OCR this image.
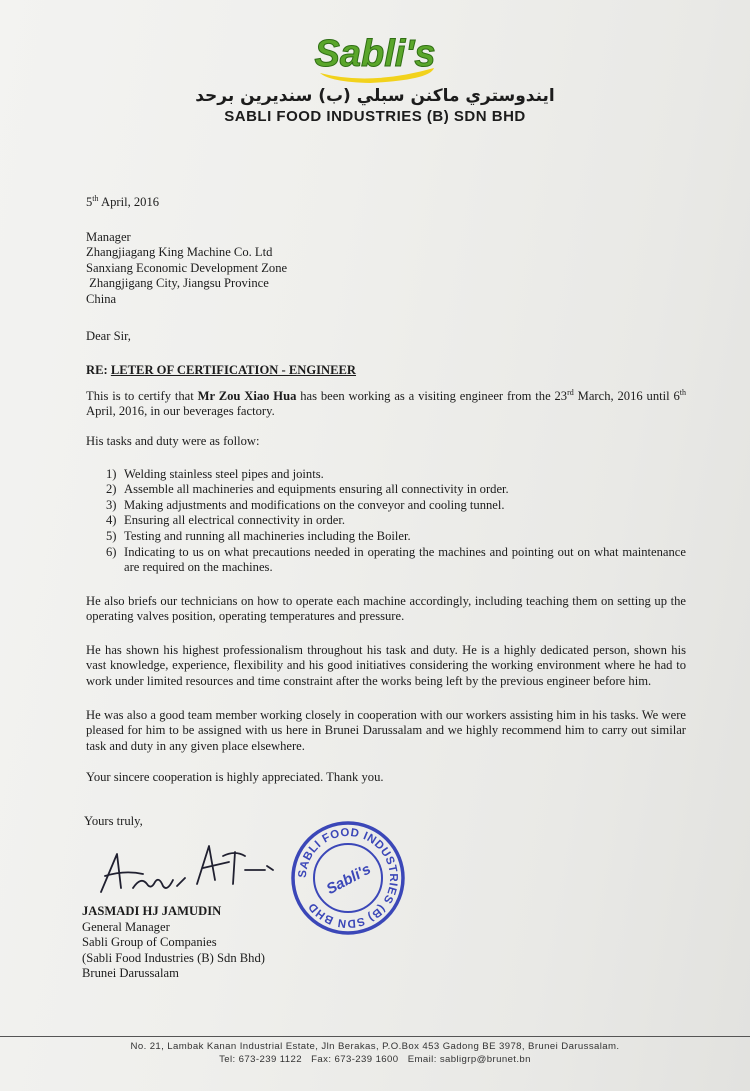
Sabli's
ايندوستري ماكنن سبلي (ب) سنديرين برحد
SABLI FOOD INDUSTRIES (B) SDN BHD
5th April, 2016
Manager
Zhangjiagang King Machine Co. Ltd
Sanxiang Economic Development Zone
Zhangjigang City, Jiangsu Province
China
Dear Sir,
RE: LETER OF CERTIFICATION - ENGINEER
This is to certify that Mr Zou Xiao Hua has been working as a visiting engineer from the 23rd March, 2016 until 6th April, 2016, in our beverages factory.
His tasks and duty were as follow:
1) Welding stainless steel pipes and joints.
2) Assemble all machineries and equipments ensuring all connectivity in order.
3) Making adjustments and modifications on the conveyor and cooling tunnel.
4) Ensuring all electrical connectivity in order.
5) Testing and running all machineries including the Boiler.
6) Indicating to us on what precautions needed in operating the machines and pointing out on what maintenance are required on the machines.
He also briefs our technicians on how to operate each machine accordingly, including teaching them on setting up the operating valves position, operating temperatures and pressure.
He has shown his highest professionalism throughout his task and duty. He is a highly dedicated person, shown his vast knowledge, experience, flexibility and his good initiatives considering the working environment where he had to work under limited resources and time constraint after the works being left by the previous engineer before him.
He was also a good team member working closely in cooperation with our workers assisting him in his tasks. We were pleased for him to be assigned with us here in Brunei Darussalam and we highly recommend him to carry out similar task and duty in any given place elsewhere.
Your sincere cooperation is highly appreciated. Thank you.
Yours truly,
SABLI FOOD INDUSTRIES (B) SDN BHD
Sabli's
JASMADI HJ JAMUDIN
General Manager
Sabli Group of Companies
(Sabli Food Industries (B) Sdn Bhd)
Brunei Darussalam
No. 21, Lambak Kanan Industrial Estate, Jln Berakas, P.O.Box 453 Gadong BE 3978, Brunei Darussalam.
Tel: 673-239 1122   Fax: 673-239 1600   Email: sabligrp@brunet.bn
